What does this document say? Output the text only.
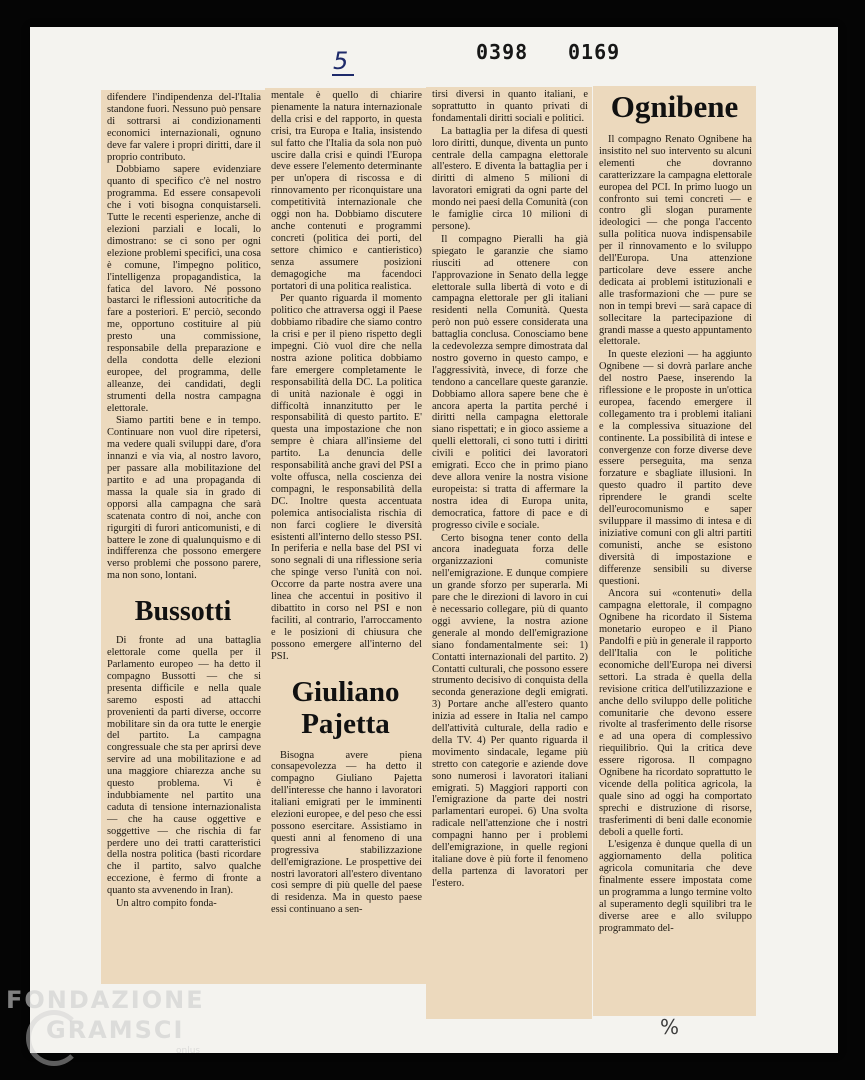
5	0398 0169

difendere l'indipendenza del-l'Italia standone fuori. Nessuno può pensare di sottrarsi ai condizionamenti economici internazionali, ognuno deve far valere i propri diritti, dare il proprio contributo.

Dobbiamo sapere evidenziare quanto di specifico c'è nel nostro programma. Ed essere consapevoli che i voti bisogna conquistarseli. Tutte le recenti esperienze, anche di elezioni parziali e locali, lo dimostrano: se ci sono per ogni elezione problemi specifici, una cosa è comune, l'impegno politico, l'intelligenza propagandistica, la fatica del lavoro. Né possono bastarci le riflessioni autocritiche da fare a posteriori. E' perciò, secondo me, opportuno costituire al più presto una commissione, responsabile della preparazione e della condotta delle elezioni europee, del programma, delle alleanze, dei candidati, degli strumenti della nostra campagna elettorale.

Siamo partiti bene e in tempo. Continuare non vuol dire ripetersi, ma vedere quali sviluppi dare, d'ora innanzi e via via, al nostro lavoro, per passare alla mobilitazione del partito e ad una propaganda di massa la quale sia in grado di opporsi alla campagna che sarà scatenata contro di noi, anche con rigurgiti di furori anticomunisti, e di battere le zone di qualunquismo e di indifferenza che possono emergere verso problemi che possono parere, ma non sono, lontani.

Bussotti

Di fronte ad una battaglia elettorale come quella per il Parlamento europeo — ha detto il compagno Bussotti — che si presenta difficile e nella quale saremo esposti ad attacchi provenienti da parti diverse, occorre mobilitare sin da ora tutte le energie del partito. La campagna congressuale che sta per aprirsi deve servire ad una mobilitazione e ad una maggiore chiarezza anche su questo problema. Vi è indubbiamente nel partito una caduta di tensione internazionalista — che ha cause oggettive e soggettive — che rischia di far perdere uno dei tratti caratteristici della nostra politica (basti ricordare che il partito, salvo qualche eccezione, è fermo di fronte a quanto sta avvenendo in Iran).

Un altro compito fonda-

mentale è quello di chiarire pienamente la natura internazionale della crisi e del rapporto, in questa crisi, tra Europa e Italia, insistendo sul fatto che l'Italia da sola non può uscire dalla crisi e quindi l'Europa deve essere l'elemento determinante per un'opera di riscossa e di rinnovamento per riconquistare una competitività internazionale che oggi non ha. Dobbiamo discutere anche contenuti e programmi concreti (politica dei porti, del settore chimico e cantieristico) senza assumere posizioni demagogiche ma facendoci portatori di una politica realistica.

Per quanto riguarda il momento politico che attraversa oggi il Paese dobbiamo ribadire che siamo contro la crisi e per il pieno rispetto degli impegni. Ciò vuol dire che nella nostra azione politica dobbiamo fare emergere completamente le responsabilità della DC. La politica di unità nazionale è oggi in difficoltà innanzitutto per le responsabilità di questo partito. E' questa una impostazione che non sempre è chiara all'insieme del partito. La denuncia delle responsabilità anche gravi del PSI a volte offusca, nella coscienza dei compagni, le responsabilità della DC. Inoltre questa accentuata polemica antisocialista rischia di non farci cogliere le diversità esistenti all'interno dello stesso PSI. In periferia e nella base del PSI vi sono segnali di una riflessione seria che spinge verso l'unità con noi. Occorre da parte nostra avere una linea che accentui in positivo il dibattito in corso nel PSI e non faciliti, al contrario, l'arroccamento e le posizioni di chiusura che possono emergere all'interno del PSI.

Giuliano
Pajetta

Bisogna avere piena consapevolezza — ha detto il compagno Giuliano Pajetta dell'interesse che hanno i lavoratori italiani emigrati per le imminenti elezioni europee, e del peso che essi possono esercitare. Assistiamo in questi anni al fenomeno di una progressiva stabilizzazione dell'emigrazione. Le prospettive dei nostri lavoratori all'estero diventano così sempre di più quelle del paese di residenza. Ma in questo paese essi continuano a sen-

tirsi diversi in quanto italiani, e soprattutto in quanto privati di fondamentali diritti sociali e politici.

La battaglia per la difesa di questi loro diritti, dunque, diventa un punto centrale della campagna elettorale all'estero. E diventa la battaglia per i diritti di almeno 5 milioni di lavoratori emigrati da ogni parte del mondo nei paesi della Comunità (con le famiglie circa 10 milioni di persone).

Il compagno Pieralli ha già spiegato le garanzie che siamo riusciti ad ottenere con l'approvazione in Senato della legge elettorale sulla libertà di voto e di campagna elettorale per gli italiani residenti nella Comunità. Questa però non può essere considerata una battaglia conclusa. Conosciamo bene la cedevolezza sempre dimostrata dal nostro governo in questo campo, e l'aggressività, invece, di forze che tendono a cancellare queste garanzie. Dobbiamo allora sapere bene che è ancora aperta la partita perché i diritti nella campagna elettorale siano rispettati; e in gioco assieme a quelli elettorali, ci sono tutti i diritti civili e politici dei lavoratori emigrati. Ecco che in primo piano deve allora venire la nostra visione europeista: si tratta di affermare la nostra idea di Europa unita, democratica, fattore di pace e di progresso civile e sociale.

Certo bisogna tener conto della ancora inadeguata forza delle organizzazioni comuniste nell'emigrazione. E dunque compiere un grande sforzo per superarla. Mi pare che le direzioni di lavoro in cui è necessario collegare, più di quanto oggi avviene, la nostra azione generale al mondo dell'emigrazione siano fondamentalmente sei: 1) Contatti internazionali del partito. 2) Contatti culturali, che possono essere strumento decisivo di conquista della seconda generazione degli emigrati. 3) Portare anche all'estero quanto inizia ad essere in Italia nel campo dell'attività culturale, della radio e della TV. 4) Per quanto riguarda il movimento sindacale, legame più stretto con categorie e aziende dove sono numerosi i lavoratori italiani emigrati. 5) Maggiori rapporti con l'emigrazione da parte dei nostri parlamentari europei. 6) Una svolta radicale nell'attenzione che i nostri compagni hanno per i problemi dell'emigrazione, in quelle regioni italiane dove è più forte il fenomeno della partenza di lavoratori per l'estero.

Ognibene

Il compagno Renato Ognibene ha insistito nel suo intervento su alcuni elementi che dovranno caratterizzare la campagna elettorale europea del PCI. In primo luogo un confronto sui temi concreti — e contro gli slogan puramente ideologici — che ponga l'accento sulla politica nuova indispensabile per il rinnovamento e lo sviluppo dell'Europa. Una attenzione particolare deve essere anche dedicata ai problemi istituzionali e alle trasformazioni che — pure se non in tempi brevi — sarà capace di sollecitare la partecipazione di grandi masse a questo appuntamento elettorale.

In queste elezioni — ha aggiunto Ognibene — si dovrà parlare anche del nostro Paese, inserendo la riflessione e le proposte in un'ottica europea, facendo emergere il collegamento tra i problemi italiani e la complessiva situazione del continente. La possibilità di intese e convergenze con forze diverse deve essere perseguita, ma senza forzature e sbagliate illusioni. In questo quadro il partito deve riprendere le grandi scelte dell'eurocomunismo e saper sviluppare il massimo di intesa e di iniziative comuni con gli altri partiti comunisti, anche se esistono diversità di impostazione e differenze sensibili su diverse questioni.

Ancora sui «contenuti» della campagna elettorale, il compagno Ognibene ha ricordato il Sistema monetario europeo e il Piano Pandolfi e più in generale il rapporto dell'Italia con le politiche economiche dell'Europa nei diversi settori. La strada è quella della revisione critica dell'utilizzazione e anche dello sviluppo delle politiche comunitarie che devono essere rivolte al trasferimento delle risorse e ad una opera di complessivo riequilibrio. Qui la critica deve essere rigorosa. Il compagno Ognibene ha ricordato soprattutto le vicende della politica agricola, la quale sino ad oggi ha comportato sprechi e distruzione di risorse, trasferimenti di beni dalle economie deboli a quelle forti.

L'esigenza è dunque quella di un aggiornamento della politica agricola comunitaria che deve finalmente essere impostata come un programma a lungo termine volto al superamento degli squilibri tra le diverse aree e allo sviluppo programmato del-

%

FONDAZIONE
GRAMSCI

onlus
